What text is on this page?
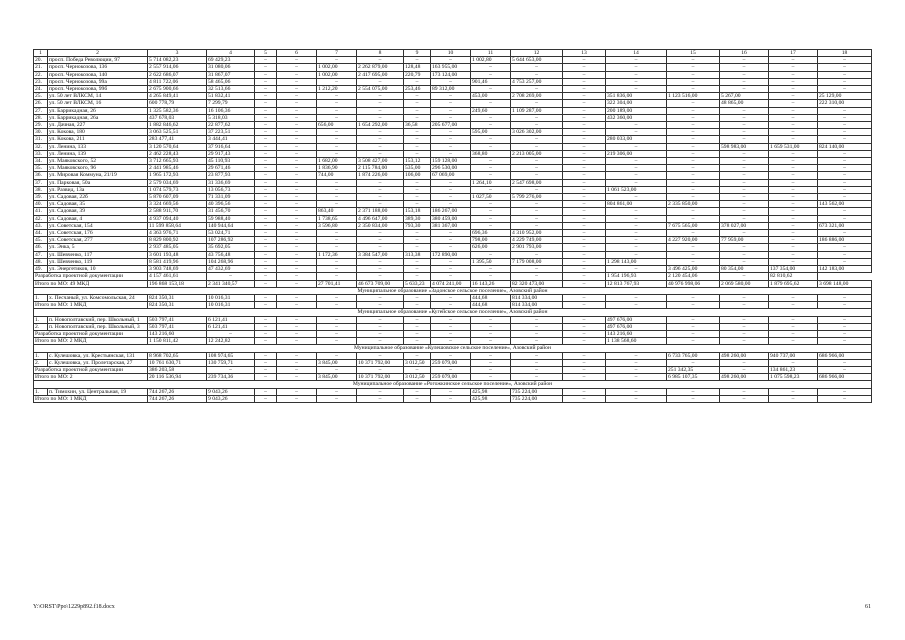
1	2	3	4	5	6	7	8	9	10	11	12	13	14	15	16	17	18
20.	просп. Победа Революции, 97	5 714 082,23	69 429,23	–	–	–	–	–	–	1 002,80	5 644 653,00	–	–	–	–	–	–
21.	просп. Чернокозова, 136	2 557 914,06	31 080,06	–	–	1 002,00	2 262 879,00	128,48	163 955,00	–	–	–	–	–	–	–	–
22.	просп. Чернокозова, 140	2 622 686,07	31 867,07	–	–	1 002,00	2 417 695,00	220,79	173 124,00	–	–	–	–	–	–	–	–
23.	просп. Чернокозова, 99а	4 811 722,06	58 465,06	–	–	–	–	–	–	901,46	4 753 257,00	–	–	–	–	–	–
24.	просп. Чернокозова, 99б	2 675 900,66	32 513,66	–	–	1 212,20	2 554 075,00	253,46	89 312,00	–	–	–	–	–	–	–	–
25.	ул. 50 лет ВЛКСМ, 14	4 265 849,41	51 832,41	–	–	–	–	–	–	453,00	2 708 269,00	–	351 836,00	1 123 516,00	5 267,00	–	25 129,00
26.	ул. 50 лет ВЛКСМ, 16	600 778,79	7 299,79	–	–	–	–	–	–	–	–	–	322 304,00	–	48 865,00	–	222 310,00
27.	ул. Баррикадная, 26	1 325 582,36	16 106,36	–	–	–	–	–	–	249,60	1 109 287,00	–	200 189,00	–	–	–	–
28.	ул. Баррикадная, 26а	437 678,03	5 318,03	–	–	–	–	–	–	–	–	–	432 360,00	–	–	–	–
29.	ул. Дачная, 227	1 882 846,62	22 877,62	–	–	656,00	1 654 292,00	36,58	205 677,00	–	–	–	–	–	–	–	–
30.	ул. Кокова, 180	3 063 525,51	37 223,51	–	–	–	–	–	–	595,00	3 026 302,00	–	–	–	–	–	–
31.	ул. Кокова, 211	283 477,41	3 444,41	–	–	–	–	–	–	–	–	–	280 033,00	–	–	–	–
32.	ул. Ленина, 133	3 120 570,64	37 916,64	–	–	–	–	–	–	–	–	–	–	–	598 983,00	1 659 531,00	824 140,00
33.	ул. Ленина, 139	2 462 228,43	29 917,43	–	–	–	–	–	–	368,80	2 213 005,00	–	219 306,00	–	–	–	–
34.	ул. Маяковского, 52	3 712 665,93	45 110,93	–	–	1 682,00	3 508 427,00	153,12	159 128,00	–	–	–	–	–	–	–	–
35.	ул. Маяковского, 96	2 441 985,46	29 671,46	–	–	1 836,90	2 115 784,00	535,00	296 530,00	–	–	–	–	–	–	–	–
36.	ул. Мировая Коммуна, 21/19	1 965 172,93	23 877,93	–	–	744,00	1 874 226,00	106,00	67 069,00	–	–	–	–	–	–	–	–
37.	ул. Парковая, 50а	2 579 034,69	31 336,69	–	–	–	–	–	–	1 264,10	2 547 698,00	–	–	–	–	–	–
38.	ул. Развид, 13а	1 074 579,73	13 056,73	–	–	–	–	–	–	–	–	–	1 061 523,00	–	–	–	–
39.	ул. Садовая, 22б	5 870 607,09	71 331,09	–	–	–	–	–	–	1 027,50	5 799 276,00	–	–	–	–	–	–
40.	ул. Садовая, 35	3 324 669,56	40 396,56	–	–	–	–	–	–	–	–	–	804 861,00	2 335 850,00	–	–	143 562,00
41.	ул. Садовая, 39	2 588 911,70	31 456,70	–	–	863,40	2 371 188,00	153,18	186 267,00	–	–	–	–	–	–	–	–
42.	ул. Садовая, 4	4 937 094,40	59 988,40	–	–	1 738,65	4 496 647,00	389,30	380 459,00	–	–	–	–	–	–	–	–
43.	ул. Советская, 154	11 599 858,64	140 944,64	–	–	3 596,80	2 350 834,00	793,30	381 367,00	–	–	–	–	7 675 565,00	378 027,00	–	673 321,00
44.	ул. Советская, 176	4 363 976,71	53 024,71	–	–	–	–	–	–	696,36	4 310 952,00	–	–	–	–	–	–
45.	ул. Советская, 277	8 829 800,92	107 286,92	–	–	–	–	–	–	798,00	4 229 749,00	–	–	4 227 920,00	77 959,00	–	186 886,00
46.	ул. Энка, 5	2 937 485,05	35 692,05	–	–	–	–	–	–	626,00	2 901 793,00	–	–	–	–	–	–
47.	ул. Шевченко, 117	3 601 193,48	43 756,48	–	–	1 172,36	3 384 547,00	313,38	172 890,00	–	–	–	–	–	–	–	–
48.	ул. Шевченко, 119	8 581 419,96	104 268,96	–	–	–	–	–	–	1 395,50	7 179 008,00	–	1 298 143,00	–	–	–	–
49.	ул. Энергетиков, 10	3 903 748,69	47 432,69	–	–	–	–	–	–	–	–	–	–	3 496 425,00	80 354,00	137 354,00	142 183,00
Разработка проектной документации		4 157 461,61	–	–	–	–	–	–	–	–	–	–	1 954 196,93	2 120 454,06	–	82 810,62	
Итого по МО: 49 МКД		196 868 153,18	2 341 340,57	–	–	27 701,41	46 673 709,00	5 633,23	4 074 241,00	16 143,26	82 320 473,00	–	12 813 767,93	40 976 998,06	2 069 580,00	1 879 695,62	3 698 148,00
Муниципальное образование «Задонское сельское поселение», Азовский район																	
1.	х. Песчаный, ул. Комсомольская, 24	824 350,31	10 016,31	–	–	–	–	–	–	444,68	814 334,00	–	–	–	–	–	–
Итого по МО: 1 МКД		824 350,31	10 016,31	–	–	–	–	–	–	444,68	814 334,00	–	–	–	–	–	–
Муниципальное образование «Кугейское сельское поселение», Азовский район																	
1.	п. Новополтавский, пер. Школьный, 1	503 797,41	6 121,41	–	–	–	–	–	–	–	–	–	497 676,00	–	–	–	–
2.	п. Новополтавский, пер. Школьный, 3	503 797,41	6 121,41	–	–	–	–	–	–	–	–	–	497 676,00	–	–	–	–
Разработка проектной документации		143 216,60	–	–	–	–	–	–	–	–	–	–	143 216,60	–	–	–	–
Итого по МО: 2 МКД		1 150 811,42	12 242,82	–	–	–	–	–	–	–	–	–	1 138 568,60	–	–	–	–
Муниципальное образование «Кулешовское сельское поселение», Азовский район																	
1.	с. Кулешовка, ул. Крестьянская, 131	8 968 702,65	108 974,65	–	–	–	–	–	–	–	–	–	–	6 733 765,00	498 260,00	940 737,00	686 966,00
2.	с. Кулешовка, ул. Пролетарская, 27	10 761 630,71	130 759,71	–	–	3 845,00	10 371 792,00	3 012,50	259 079,00	–	–	–	–	–	–	–	–
Разработка проектной документации		386 203,58	–	–	–	–	–	–	–	–	–	–	–	251 342,35	–	134 861,23	–
Итого по МО: 2		20 116 536,94	239 734,36	–	–	3 845,00	10 371 792,00	3 012,50	259 079,00	–	–	–	–	6 985 107,35	498 260,00	1 075 598,23	686 966,00
Муниципальное образование «Рогожкинское сельское поселение», Азовский район																	
1.	п. Тимохин, ул. Центральная, 19	744 267,26	9 043,26	–	–	–	–	–	–	425,98	735 224,00	–	–	–	–	–	–
Итого по МО: 1 МКД		744 267,26	9 043,26	–	–	–	–	–	–	425,98	735 224,00	–	–	–	–	–	–
Y:\ORST\Ppo\1229p892.f18.docx	61
